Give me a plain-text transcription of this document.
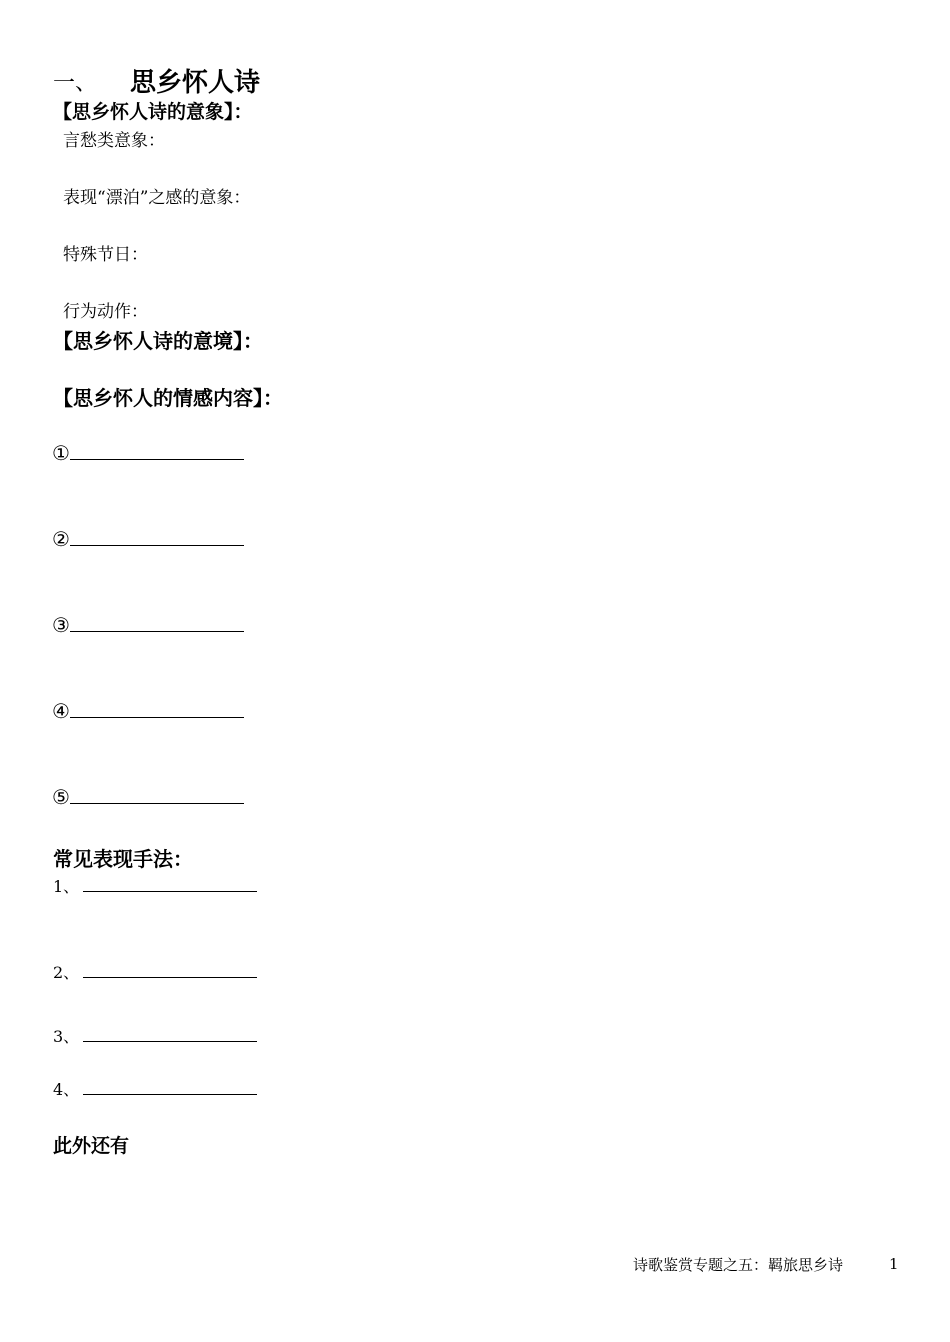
一、 思乡怀人诗
【思乡怀人诗的意象】：
言愁类意象：
表现“漂泊”之感的意象：
特殊节日：
行为动作：
【思乡怀人诗的意境】：
【思乡怀人的情感内容】：
①
②
③
④
⑤
常见表现手法：
1、
2、
3、
4、
此外还有
诗歌鉴赏专题之五：羁旅思乡诗	1
